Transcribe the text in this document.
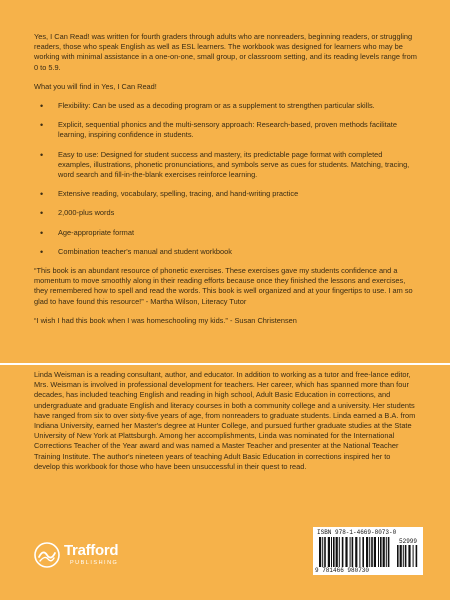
Yes, I Can Read! was written for fourth graders through adults who are nonreaders, beginning readers, or struggling readers, those who speak English as well as ESL learners. The workbook was designed for learners who may be working with minimal assistance in a one-on-one, small group, or classroom setting, and its reading levels range from 0 to 5.9.

What you will find in Yes, I Can Read!

• Flexibility: Can be used as a decoding program or as a supplement to strengthen particular skills.
• Explicit, sequential phonics and the multi-sensory approach: Research-based, proven methods facilitate learning, inspiring confidence in students.
• Easy to use: Designed for student success and mastery, its predictable page format with completed examples, illustrations, phonetic pronunciations, and symbols serve as cues for students. Matching, tracing, word search and fill-in-the-blank exercises reinforce learning.
• Extensive reading, vocabulary, spelling, tracing, and hand-writing practice
• 2,000-plus words
• Age-appropriate format
• Combination teacher's manual and student workbook

“This book is an abundant resource of phonetic exercises. These exercises gave my students confidence and a momentum to move smoothly along in their reading efforts because once they finished the lessons and exercises, they remembered how to spell and read the words. This book is well organized and at your fingertips to use. I am so glad to have found this resource!” - Martha Wilson, Literacy Tutor

“I wish I had this book when I was homeschooling my kids.” - Susan Christensen

Linda Weisman is a reading consultant, author, and educator. In addition to working as a tutor and free-lance editor, Mrs. Weisman is involved in professional development for teachers. Her career, which has spanned more than four decades, has included teaching English and reading in high school, Adult Basic Education in corrections, and undergraduate and graduate English and literacy courses in both a community college and a university. Her students have ranged from six to over sixty-five years of age, from nonreaders to graduate students. Linda earned a B.A. from Indiana University, earned her Master's degree at Hunter College, and pursued further graduate studies at the State University of New York at Plattsburgh. Among her accomplishments, Linda was nominated for the International Corrections Teacher of the Year award and was named a Master Teacher and presenter at the National Teacher Training Institute. The author's nineteen years of teaching Adult Basic Education in corrections inspired her to develop this workbook for those who have been unsuccessful in their quest to read.

Trafford
PUBLISHING
ISBN 978-1-4669-8073-0
52999
9 781466 980730
